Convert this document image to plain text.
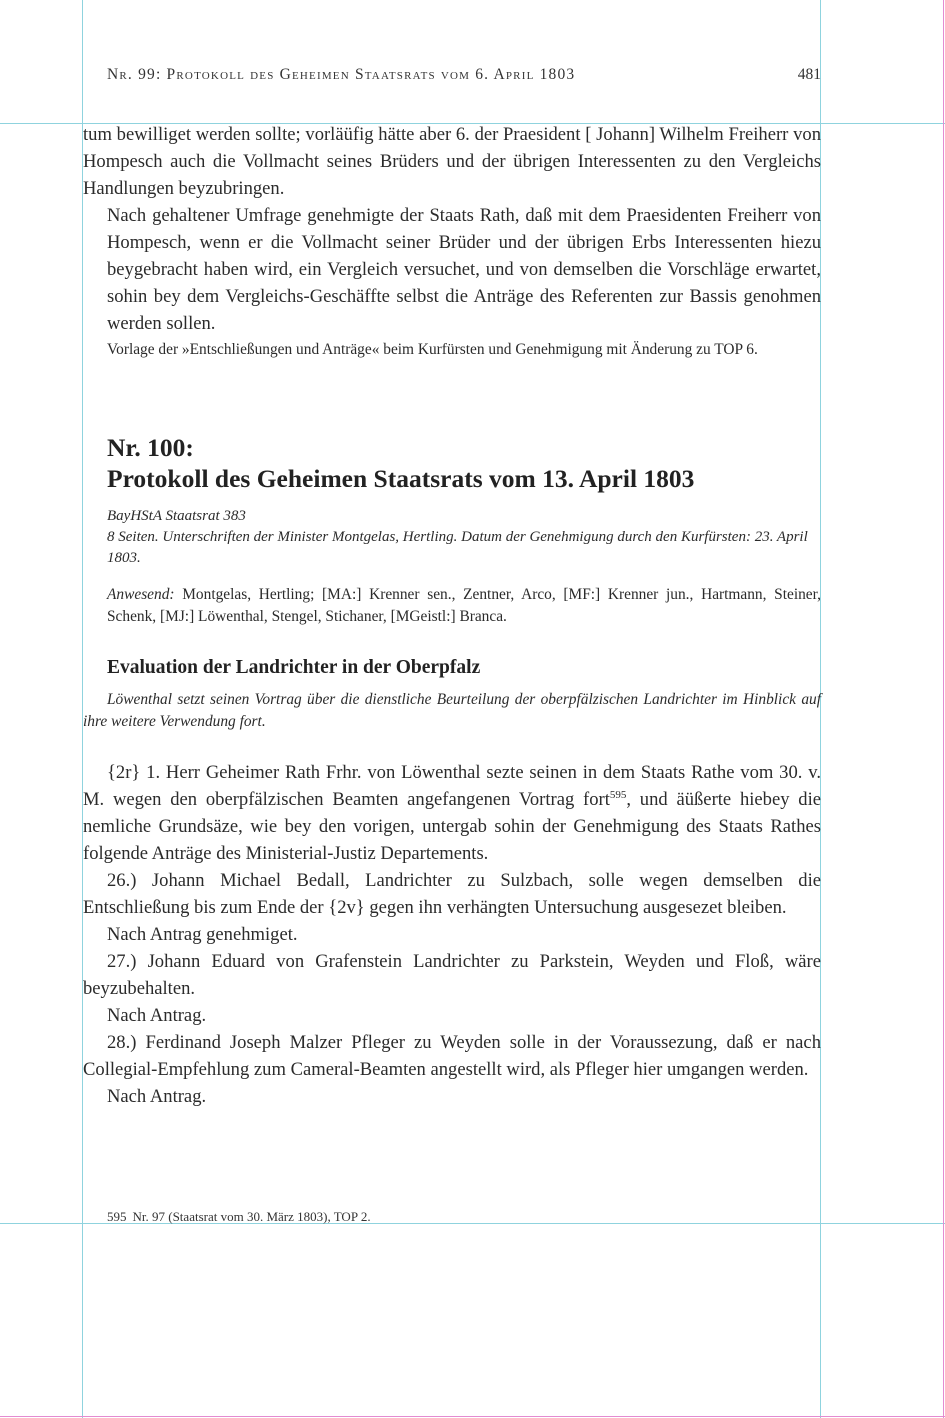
Nr. 99: Protokoll des Geheimen Staatsrats vom 6. April 1803	481

tum bewilliget werden sollte; vorläüfig hätte aber 6. der Praesident [ Johann] Wilhelm Freiherr von Hompesch auch die Vollmacht seines Brüders und der übrigen Interessenten zu den Vergleichs Handlungen beyzubringen.

Nach gehaltener Umfrage genehmigte der Staats Rath, daß mit dem Praesidenten Freiherr von Hompesch, wenn er die Vollmacht seiner Brüder und der übrigen Erbs Interessenten hiezu beygebracht haben wird, ein Vergleich versuchet, und von demselben die Vorschläge erwartet, sohin bey dem Vergleichs-Geschäffte selbst die Anträge des Referenten zur Bassis genohmen werden sollen.

Vorlage der »Entschließungen und Anträge« beim Kurfürsten und Genehmigung mit Änderung zu TOP 6.

Nr. 100:
Protokoll des Geheimen Staatsrats vom 13. April 1803
BayHStA Staatsrat 383
8 Seiten. Unterschriften der Minister Montgelas, Hertling. Datum der Genehmigung durch den Kurfürsten: 23. April 1803.
Anwesend: Montgelas, Hertling; [MA:] Krenner sen., Zentner, Arco, [MF:] Krenner jun., Hartmann, Steiner, Schenk, [MJ:] Löwenthal, Stengel, Stichaner, [MGeistl:] Branca.
Evaluation der Landrichter in der Oberpfalz
Löwenthal setzt seinen Vortrag über die dienstliche Beurteilung der oberpfälzischen Landrichter im Hinblick auf ihre weitere Verwendung fort.

{2r} 1. Herr Geheimer Rath Frhr. von Löwenthal sezte seinen in dem Staats Rathe vom 30. v. M. wegen den oberpfälzischen Beamten angefangenen Vortrag fort$^{595}$, und äüßerte hiebey die nemliche Grundsäze, wie bey den vorigen, untergab sohin der Genehmigung des Staats Rathes folgende Anträge des Ministerial-Justiz Departements.

26.) Johann Michael Bedall, Landrichter zu Sulzbach, solle wegen demselben die Entschließung bis zum Ende der {2v} gegen ihn verhängten Untersuchung ausgesezet bleiben.

Nach Antrag genehmiget.

27.) Johann Eduard von Grafenstein Landrichter zu Parkstein, Weyden und Floß, wäre beyzubehalten.

Nach Antrag.

28.) Ferdinand Joseph Malzer Pfleger zu Weyden solle in der Voraussezung, daß er nach Collegial-Empfehlung zum Cameral-Beamten angestellt wird, als Pfleger hier umgangen werden.

Nach Antrag.

595 Nr. 97 (Staatsrat vom 30. März 1803), TOP 2.
